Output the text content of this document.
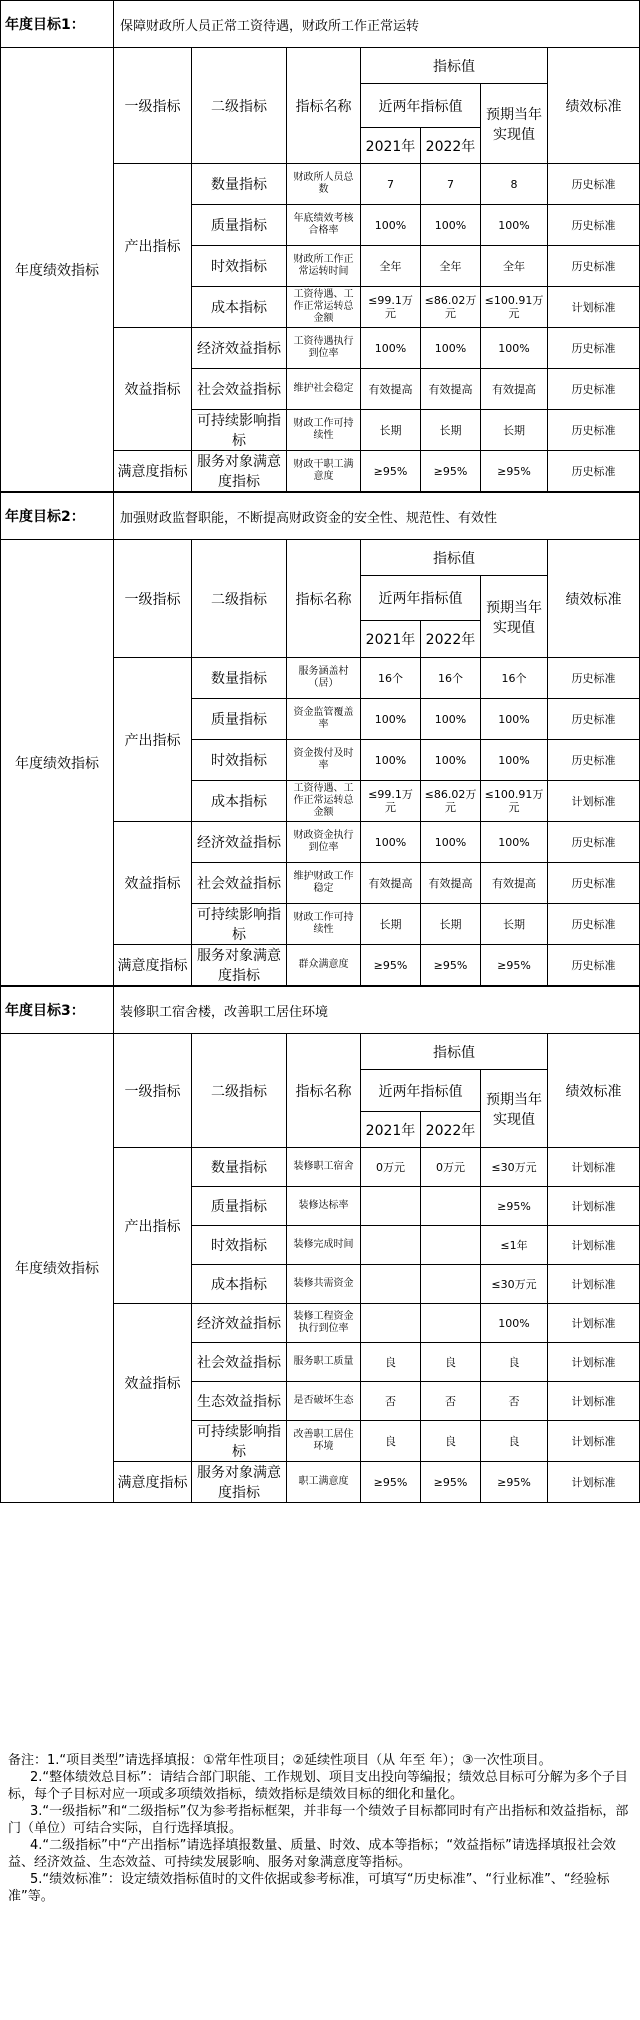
年度目标1：	保障财政所人员正常工资待遇，财政所工作正常运转						
年度绩效指标	一级指标	二级指标	指标名称	指标值			绩效标准
				近两年指标值		预期当年实现值	
				2021年	2022年		
	产出指标	数量指标	财政所人员总数	7	7	8	历史标准
		质量指标	年底绩效考核合格率	100%	100%	100%	历史标准
		时效指标	财政所工作正常运转时间	全年	全年	全年	历史标准
		成本指标	工资待遇、工作正常运转总金额	≤99.1万元	≤86.02万元	≤100.91万元	计划标准
	效益指标	经济效益指标	工资待遇执行到位率	100%	100%	100%	历史标准
		社会效益指标	维护社会稳定	有效提高	有效提高	有效提高	历史标准
		可持续影响指标	财政工作可持续性	长期	长期	长期	历史标准
	满意度指标	服务对象满意度指标	财政干职工满意度	≥95%	≥95%	≥95%	历史标准
年度目标2：	加强财政监督职能，不断提高财政资金的安全性、规范性、有效性						
年度绩效指标	一级指标	二级指标	指标名称	指标值			绩效标准
				近两年指标值		预期当年实现值	
				2021年	2022年		
	产出指标	数量指标	服务涵盖村（居）	16个	16个	16个	历史标准
		质量指标	资金监管覆盖率	100%	100%	100%	历史标准
		时效指标	资金拨付及时率	100%	100%	100%	历史标准
		成本指标	工资待遇、工作正常运转总金额	≤99.1万元	≤86.02万元	≤100.91万元	计划标准
	效益指标	经济效益指标	财政资金执行到位率	100%	100%	100%	历史标准
		社会效益指标	维护财政工作稳定	有效提高	有效提高	有效提高	历史标准
		可持续影响指标	财政工作可持续性	长期	长期	长期	历史标准
	满意度指标	服务对象满意度指标	群众满意度	≥95%	≥95%	≥95%	历史标准
年度目标3：	装修职工宿舍楼，改善职工居住环境						
年度绩效指标	一级指标	二级指标	指标名称	指标值			绩效标准
				近两年指标值		预期当年实现值	
				2021年	2022年		
	产出指标	数量指标	装修职工宿舍	0万元	0万元	≤30万元	计划标准
		质量指标	装修达标率			≥95%	计划标准
		时效指标	装修完成时间			≤1年	计划标准
		成本指标	装修共需资金			≤30万元	计划标准
	效益指标	经济效益指标	装修工程资金执行到位率			100%	计划标准
		社会效益指标	服务职工质量	良	良	良	计划标准
		生态效益指标	是否破坏生态	否	否	否	计划标准
		可持续影响指标	改善职工居住环境	良	良	良	计划标准
	满意度指标	服务对象满意度指标	职工满意度	≥95%	≥95%	≥95%	计划标准

备注：1.“项目类型”请选择填报：①常年性项目；②延续性项目（从 年至 年）；③一次性项目。

2.“整体绩效总目标”：请结合部门职能、工作规划、项目支出投向等编报；绩效总目标可分解为多个子目标，每个子目标对应一项或多项绩效指标，绩效指标是绩效目标的细化和量化。

3.“一级指标”和“二级指标”仅为参考指标框架，并非每一个绩效子目标都同时有产出指标和效益指标，部门（单位）可结合实际，自行选择填报。

4.“二级指标”中“产出指标”请选择填报数量、质量、时效、成本等指标；“效益指标”请选择填报社会效益、经济效益、生态效益、可持续发展影响、服务对象满意度等指标。

5.“绩效标准”：设定绩效指标值时的文件依据或参考标准，可填写“历史标准”、“行业标准”、“经验标准”等。
